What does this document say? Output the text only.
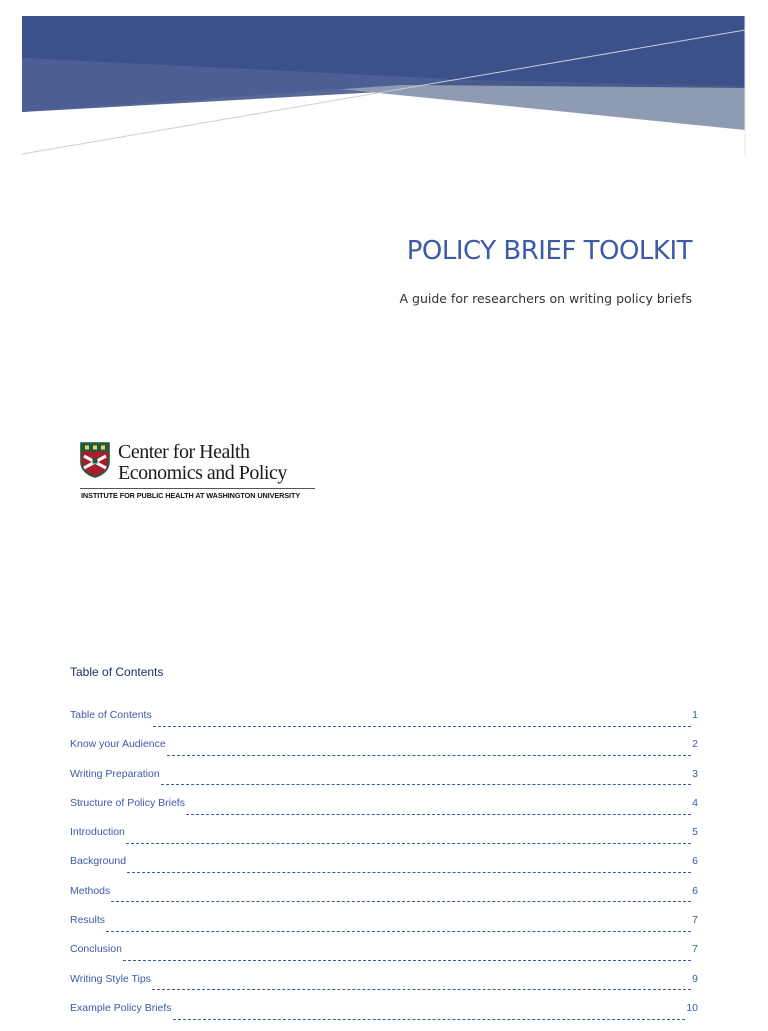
POLICY BRIEF TOOLKIT

A guide for researchers on writing policy briefs

Center for Health
Economics and Policy
INSTITUTE FOR PUBLIC HEALTH AT WASHINGTON UNIVERSITY
Table of Contents
Table of Contents	1
Know your Audience	2
Writing Preparation	3
Structure of Policy Briefs	4
Introduction	5
Background	6
Methods	6
Results	7
Conclusion	7
Writing Style Tips	9
Example Policy Briefs	10
